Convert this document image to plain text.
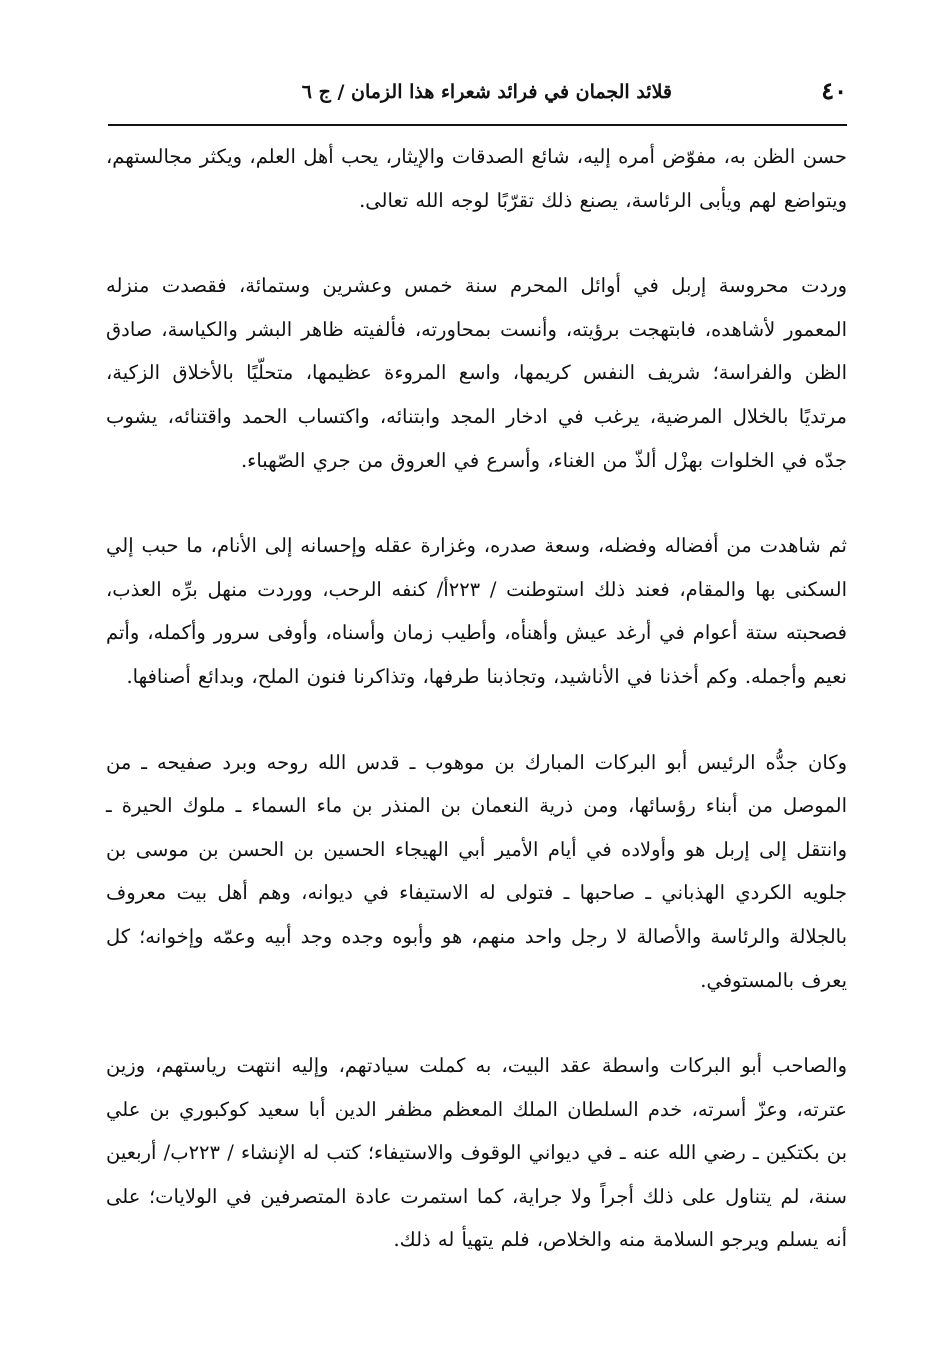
٤٠
قلائد الجمان في فرائد شعراء هذا الزمان / ج ٦

حسن الظن به، مفوّض أمره إليه، شائع الصدقات والإيثار، يحب أهل العلم، ويكثر مجالستهم، ويتواضع لهم ويأبى الرئاسة، يصنع ذلك تقرّبًا لوجه الله تعالى.

وردت محروسة إربل في أوائل المحرم سنة خمس وعشرين وستمائة، فقصدت منزله المعمور لأشاهده، فابتهجت برؤيته، وأنست بمحاورته، فألفيته ظاهر البشر والكياسة، صادق الظن والفراسة؛ شريف النفس كريمها، واسع المروءة عظيمها، متحلّيًا بالأخلاق الزكية، مرتديًا بالخلال المرضية، يرغب في ادخار المجد وابتنائه، واكتساب الحمد واقتنائه، يشوب جدّه في الخلوات بهزْل ألذّ من الغناء، وأسرع في العروق من جري الصّهباء.

ثم شاهدت من أفضاله وفضله، وسعة صدره، وغزارة عقله وإحسانه إلى الأنام، ما حبب إلي السكنى بها والمقام، فعند ذلك استوطنت / ٢٢٣أ/ كنفه الرحب، ووردت منهل برِّه العذب، فصحبته ستة أعوام في أرغد عيش وأهنأه، وأطيب زمان وأسناه، وأوفى سرور وأكمله، وأتم نعيم وأجمله. وكم أخذنا في الأناشيد، وتجاذبنا طرفها، وتذاكرنا فنون الملح، وبدائع أصنافها.

وكان جدُّه الرئيس أبو البركات المبارك بن موهوب ـ قدس الله روحه وبرد صفيحه ـ من الموصل من أبناء رؤسائها، ومن ذرية النعمان بن المنذر بن ماء السماء ـ ملوك الحيرة ـ وانتقل إلى إربل هو وأولاده في أيام الأمير أبي الهيجاء الحسين بن الحسن بن موسى بن جلويه الكردي الهذباني ـ صاحبها ـ فتولى له الاستيفاء في ديوانه، وهم أهل بيت معروف بالجلالة والرئاسة والأصالة لا رجل واحد منهم، هو وأبوه وجده وجد أبيه وعمّه وإخوانه؛ كل يعرف بالمستوفي.

والصاحب أبو البركات واسطة عقد البيت، به كملت سيادتهم، وإليه انتهت رياستهم، وزين عترته، وعزّ أسرته، خدم السلطان الملك المعظم مظفر الدين أبا سعيد كوكبوري بن علي بن بكتكين ـ رضي الله عنه ـ في ديواني الوقوف والاستيفاء؛ كتب له الإنشاء / ٢٢٣ب/ أربعين سنة، لم يتناول على ذلك أجراً ولا جراية، كما استمرت عادة المتصرفين في الولايات؛ على أنه يسلم ويرجو السلامة منه والخلاص، فلم يتهيأ له ذلك.
